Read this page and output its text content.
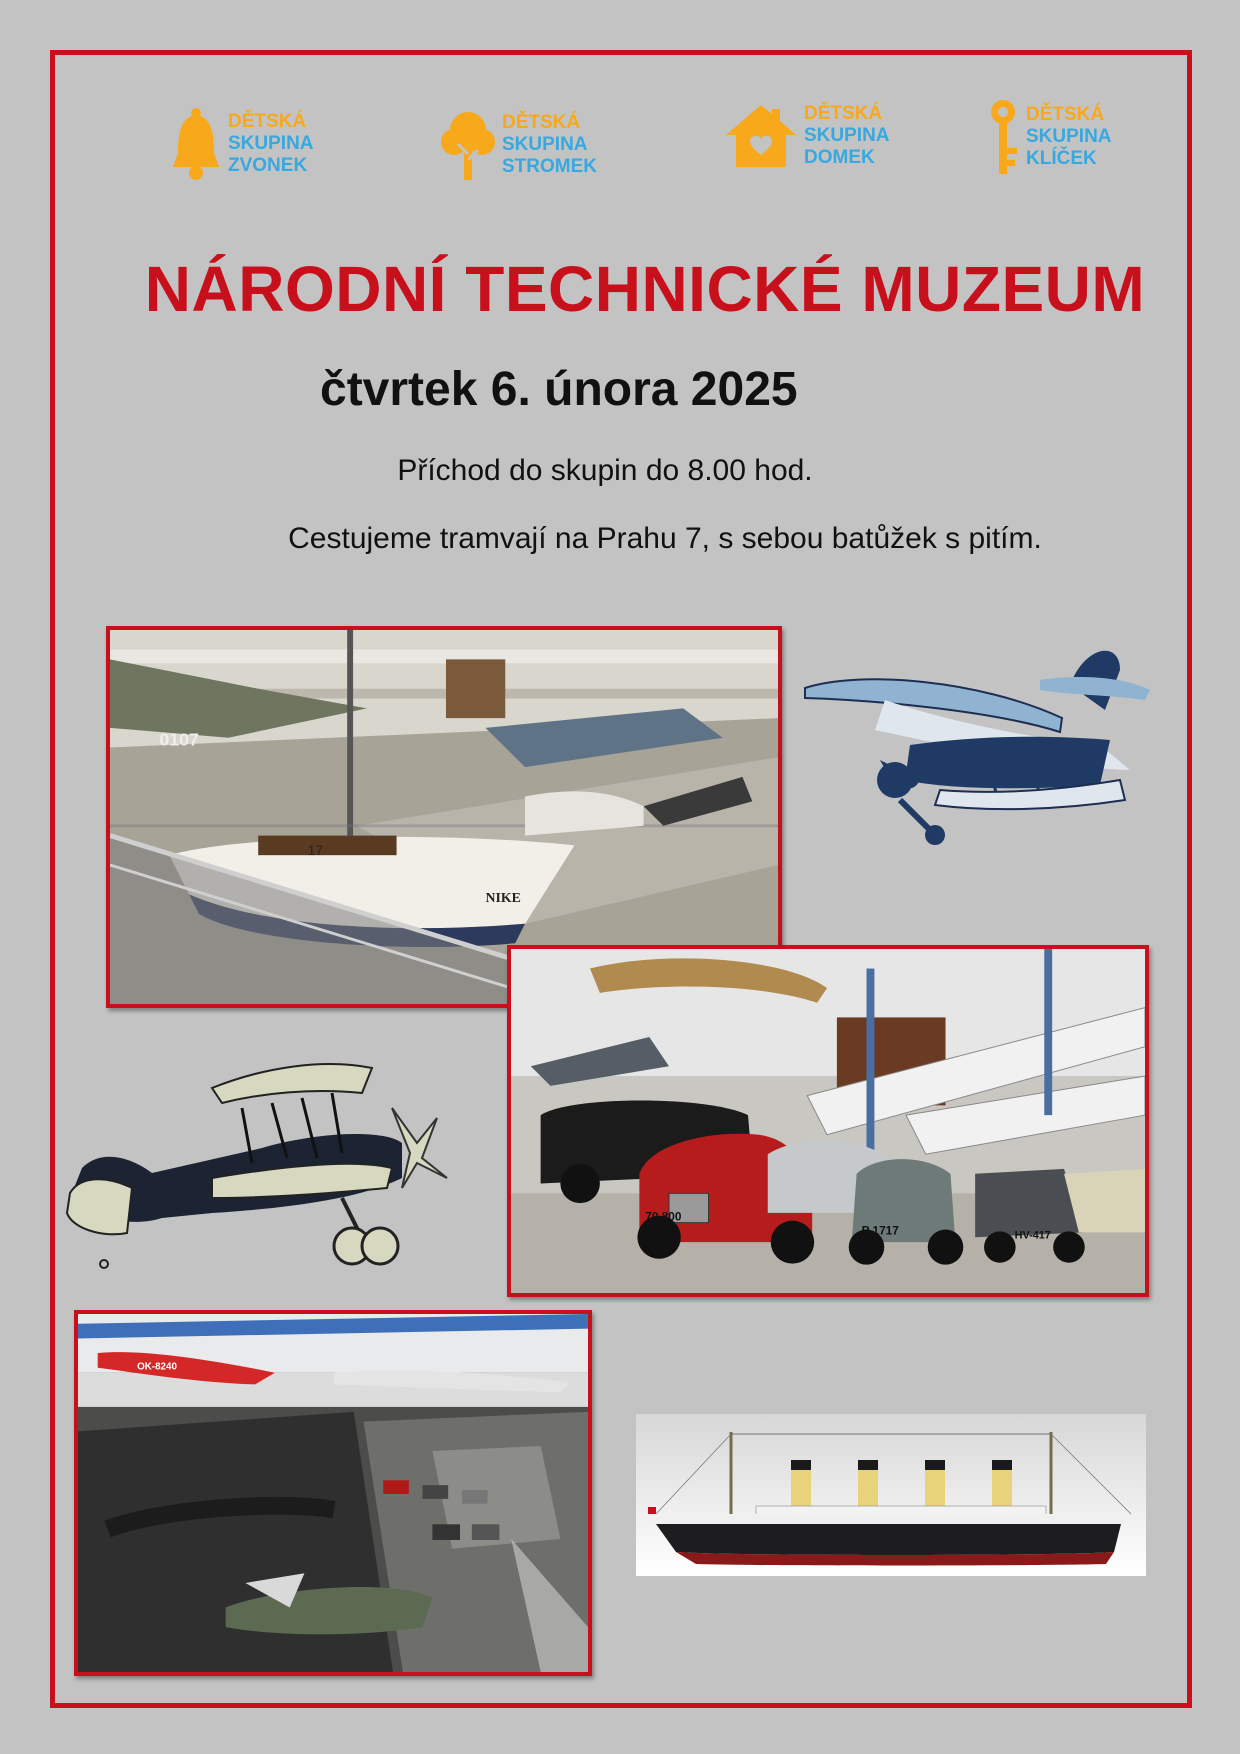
DĚTSKÁ
SKUPINA
ZVONEK
DĚTSKÁ
SKUPINA
STROMEK
DĚTSKÁ
SKUPINA
DOMEK
DĚTSKÁ
SKUPINA
KLÍČEK
NÁRODNÍ TECHNICKÉ MUZEUM
čtvrtek 6. února 2025
Příchod do skupin do 8.00 hod.
Cestujeme tramvají na Prahu 7, s sebou batůžek s pitím.
0107
17
NIKE
70 800
P 1717	HV-417
OK-8240
